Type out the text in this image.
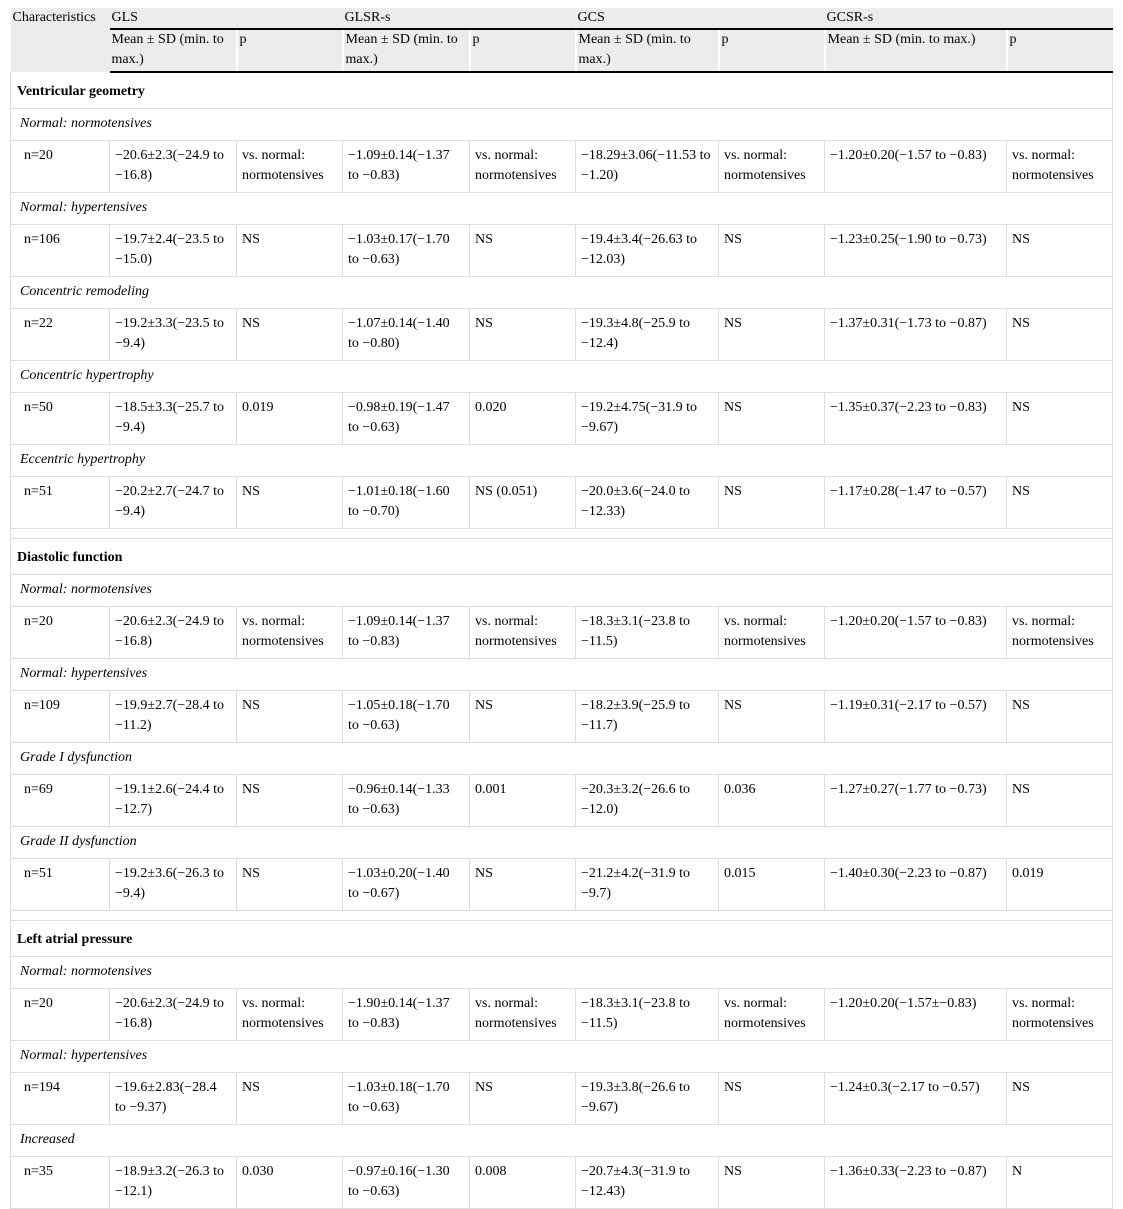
Characteristics	GLS		GLSR-s		GCS		GCSR-s	
	Mean ± SD (min. to max.)	p	Mean ± SD (min. to max.)	p	Mean ± SD (min. to max.)	p	Mean ± SD (min. to max.)	p
Ventricular geometry								
Normal: normotensives								
n=20	−20.6±2.3(−24.9 to −16.8)	vs. normal: normotensives	−1.09±0.14(−1.37 to −0.83)	vs. normal: normotensives	−18.29±3.06(−11.53 to −1.20)	vs. normal: normotensives	−1.20±0.20(−1.57 to −0.83)	vs. normal: normotensives
Normal: hypertensives								
n=106	−19.7±2.4(−23.5 to −15.0)	NS	−1.03±0.17(−1.70 to −0.63)	NS	−19.4±3.4(−26.63 to −12.03)	NS	−1.23±0.25(−1.90 to −0.73)	NS
Concentric remodeling								
n=22	−19.2±3.3(−23.5 to −9.4)	NS	−1.07±0.14(−1.40 to −0.80)	NS	−19.3±4.8(−25.9 to −12.4)	NS	−1.37±0.31(−1.73 to −0.87)	NS
Concentric hypertrophy								
n=50	−18.5±3.3(−25.7 to −9.4)	0.019	−0.98±0.19(−1.47 to −0.63)	0.020	−19.2±4.75(−31.9 to −9.67)	NS	−1.35±0.37(−2.23 to −0.83)	NS
Eccentric hypertrophy								
n=51	−20.2±2.7(−24.7 to −9.4)	NS	−1.01±0.18(−1.60 to −0.70)	NS (0.051)	−20.0±3.6(−24.0 to −12.33)	NS	−1.17±0.28(−1.47 to −0.57)	NS

Diastolic function								
Normal: normotensives								
n=20	−20.6±2.3(−24.9 to −16.8)	vs. normal: normotensives	−1.09±0.14(−1.37 to −0.83)	vs. normal: normotensives	−18.3±3.1(−23.8 to −11.5)	vs. normal: normotensives	−1.20±0.20(−1.57 to −0.83)	vs. normal: normotensives
Normal: hypertensives								
n=109	−19.9±2.7(−28.4 to −11.2)	NS	−1.05±0.18(−1.70 to −0.63)	NS	−18.2±3.9(−25.9 to −11.7)	NS	−1.19±0.31(−2.17 to −0.57)	NS
Grade I dysfunction								
n=69	−19.1±2.6(−24.4 to −12.7)	NS	−0.96±0.14(−1.33 to −0.63)	0.001	−20.3±3.2(−26.6 to −12.0)	0.036	−1.27±0.27(−1.77 to −0.73)	NS
Grade II dysfunction								
n=51	−19.2±3.6(−26.3 to −9.4)	NS	−1.03±0.20(−1.40 to −0.67)	NS	−21.2±4.2(−31.9 to −9.7)	0.015	−1.40±0.30(−2.23 to −0.87)	0.019

Left atrial pressure								
Normal: normotensives								
n=20	−20.6±2.3(−24.9 to −16.8)	vs. normal: normotensives	−1.90±0.14(−1.37 to −0.83)	vs. normal: normotensives	−18.3±3.1(−23.8 to −11.5)	vs. normal: normotensives	−1.20±0.20(−1.57±−0.83)	vs. normal: normotensives
Normal: hypertensives								
n=194	−19.6±2.83(−28.4 to −9.37)	NS	−1.03±0.18(−1.70 to −0.63)	NS	−19.3±3.8(−26.6 to −9.67)	NS	−1.24±0.3(−2.17 to −0.57)	NS
Increased								
n=35	−18.9±3.2(−26.3 to −12.1)	0.030	−0.97±0.16(−1.30 to −0.63)	0.008	−20.7±4.3(−31.9 to −12.43)	NS	−1.36±0.33(−2.23 to −0.87)	N
